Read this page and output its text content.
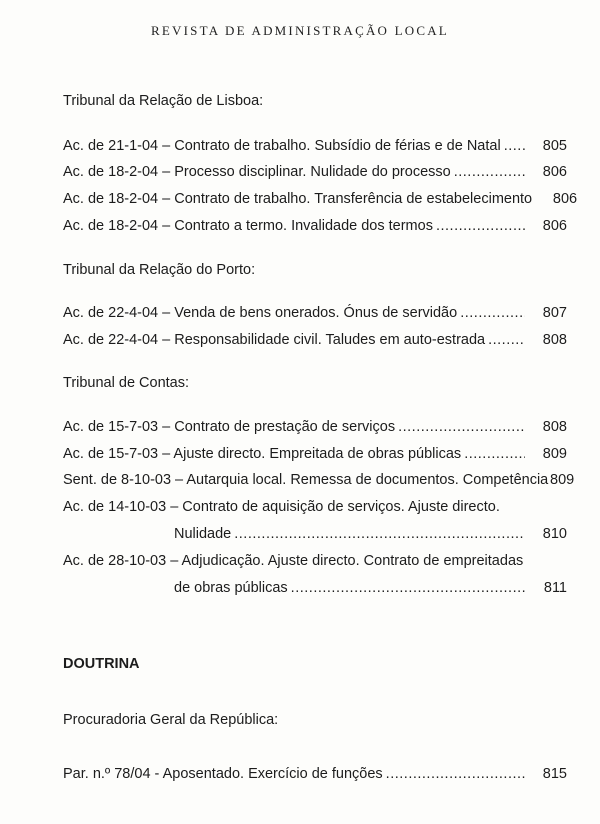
REVISTA DE ADMINISTRAÇÃO LOCAL
Tribunal da Relação de Lisboa:
Ac. de 21-1-04 – Contrato de trabalho. Subsídio de férias e de Natal .....	805
Ac. de 18-2-04 – Processo disciplinar. Nulidade do processo .....	806
Ac. de 18-2-04 – Contrato de trabalho. Transferência de estabelecimento 806
Ac. de 18-2-04 – Contrato a termo. Invalidade dos termos .....	806
Tribunal da Relação do Porto:
Ac. de 22-4-04 – Venda de bens onerados. Ónus de servidão .....	807
Ac. de 22-4-04 – Responsabilidade civil. Taludes em auto-estrada .....	808
Tribunal de Contas:
Ac. de 15-7-03 – Contrato de prestação de serviços .....	808
Ac. de 15-7-03 – Ajuste directo. Empreitada de obras públicas .....	809
Sent. de 8-10-03 – Autarquia local. Remessa de documentos. Competência 809
Ac. de 14-10-03 – Contrato de aquisição de serviços. Ajuste directo.
Nulidade .....	810
Ac. de 28-10-03 – Adjudicação. Ajuste directo. Contrato de empreitadas
de obras públicas .....	811
DOUTRINA
Procuradoria Geral da República:
Par. n.º 78/04 - Aposentado. Exercício de funções .....	815
